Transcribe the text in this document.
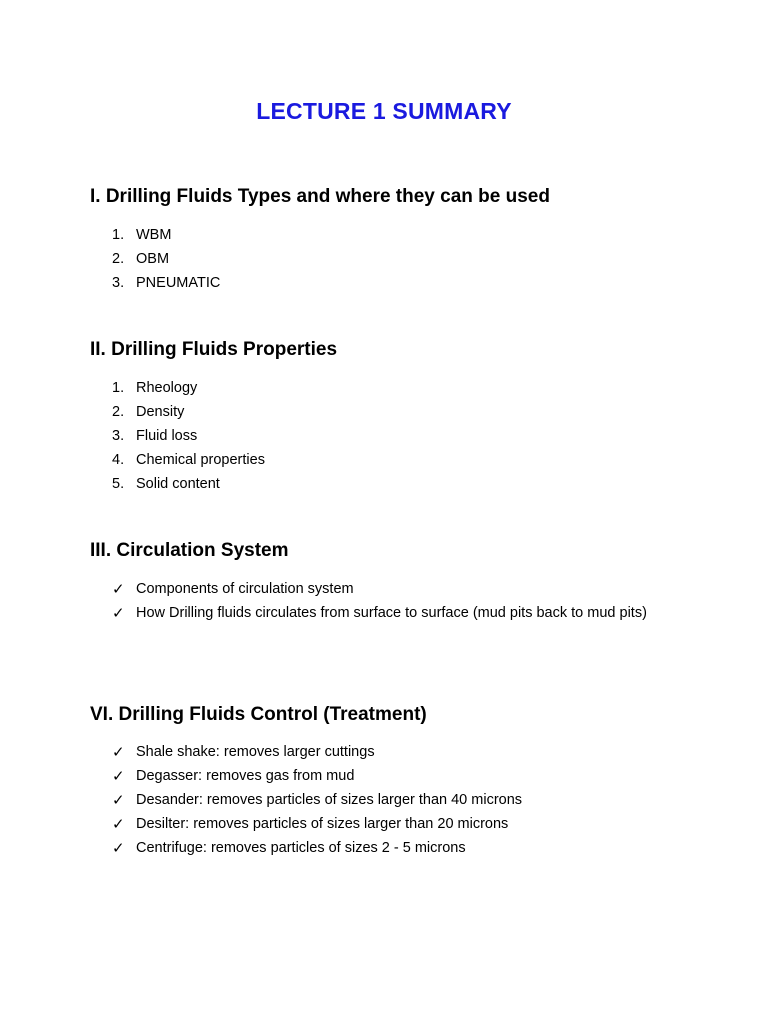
LECTURE 1 SUMMARY
I. Drilling Fluids Types and where they can be used
1. WBM
2. OBM
3. PNEUMATIC
II. Drilling Fluids Properties
1. Rheology
2. Density
3. Fluid loss
4. Chemical properties
5. Solid content
III. Circulation System
✓ Components of circulation system
✓ How Drilling fluids circulates from surface to surface (mud pits back to mud pits)
VI. Drilling Fluids Control (Treatment)
✓ Shale shake: removes larger cuttings
✓ Degasser: removes gas from mud
✓ Desander: removes particles of sizes larger than 40 microns
✓ Desilter: removes particles of sizes larger than 20 microns
✓ Centrifuge: removes particles of sizes 2 - 5 microns
